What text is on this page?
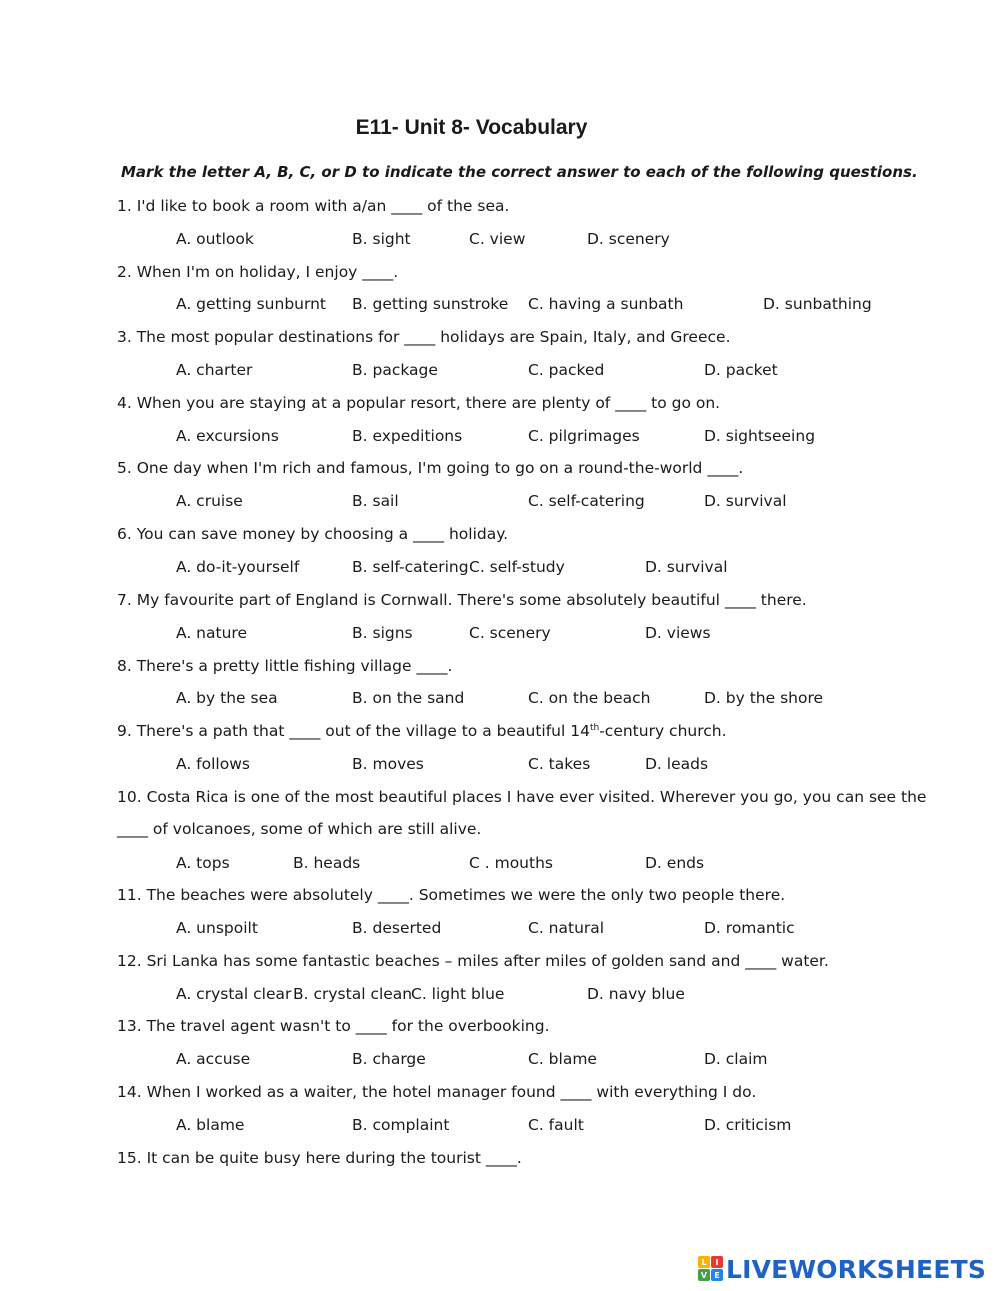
E11- Unit 8- Vocabulary
Mark the letter A, B, C, or D to indicate the correct answer to each of the following questions.
1. I'd like to book a room with a/an ____ of the sea.
A. outlook	B. sight	C. view	D. scenery
2. When I'm on holiday, I enjoy ____.
A. getting sunburnt B. getting sunstroke C. having a sunbath	D. sunbathing
3. The most popular destinations for ____ holidays are Spain, Italy, and Greece.
A. charter	B. package	C. packed	D. packet
4. When you are staying at a popular resort, there are plenty of ____ to go on.
A. excursions	B. expeditions	C. pilgrimages	D. sightseeing
5. One day when I'm rich and famous, I'm going to go on a round-the-world ____.
A. cruise	B. sail	C. self-catering	D. survival
6. You can save money by choosing a ____ holiday.
A. do-it-yourself	B. self-catering C. self-study	D. survival
7. My favourite part of England is Cornwall. There's some absolutely beautiful ____ there.
A. nature	B. signs	C. scenery	D. views
8. There's a pretty little fishing village ____.
A. by the sea	B. on the sand	C. on the beach	D. by the shore
9. There's a path that ____ out of the village to a beautiful 14th-century church.
A. follows	B. moves	C. takes	D. leads
10. Costa Rica is one of the most beautiful places I have ever visited. Wherever you go, you can see the
____ of volcanoes, some of which are still alive.
A. tops	B. heads	C . mouths	D. ends
11. The beaches were absolutely ____. Sometimes we were the only two people there.
A. unspoilt	B. deserted	C. natural	D. romantic
12. Sri Lanka has some fantastic beaches – miles after miles of golden sand and ____ water.
A. crystal clear B. crystal clean
C. light blue	D. navy blue
13. The travel agent wasn't to ____ for the overbooking.
A. accuse	B. charge	C. blame	D. claim
14. When I worked as a waiter, the hotel manager found ____ with everything I do.
A. blame	B. complaint	C. fault	D. criticism
15. It can be quite busy here during the tourist ____.
L I
V E LIVEWORKSHEETS
